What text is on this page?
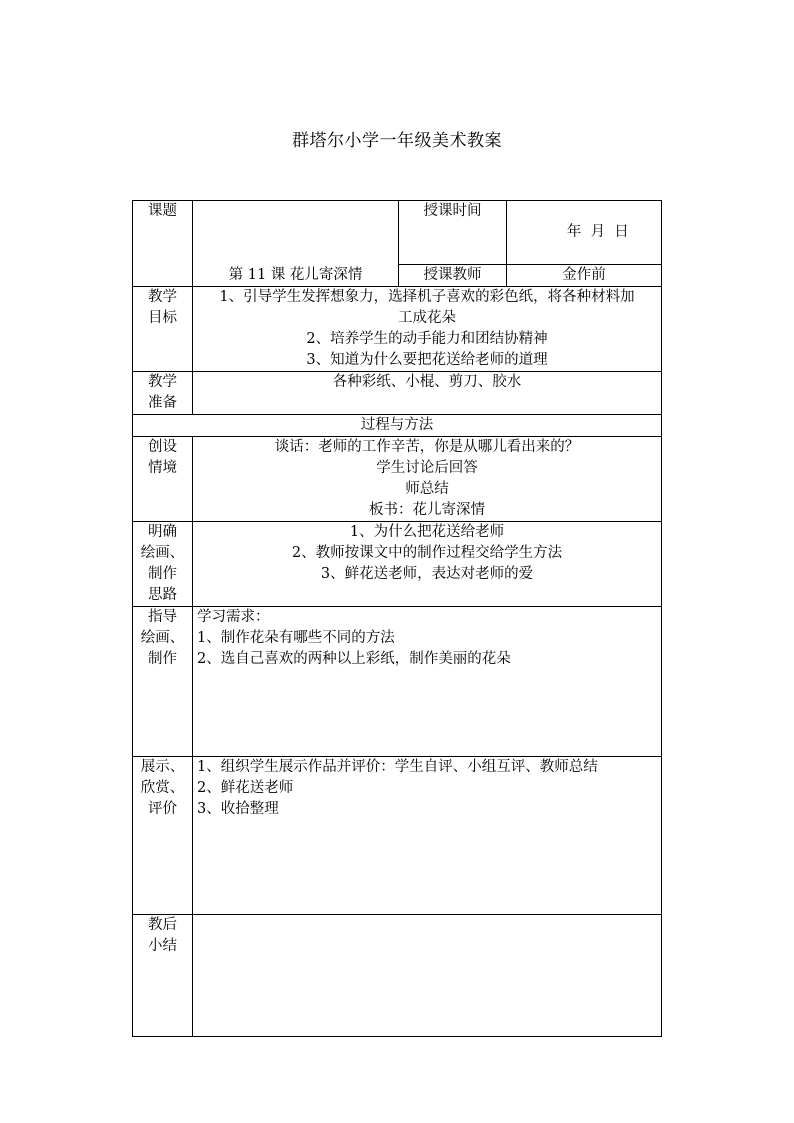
群塔尔小学一年级美术教案
课题	第 11 课 花儿寄深情	授课时间	年  月  日

		授课教师	金作前

教学
目标	1、引导学生发挥想象力，选择机子喜欢的彩色纸，将各种材料加
工成花朵
2、培养学生的动手能力和团结协精神
3、知道为什么要把花送给老师的道理		

教学
准备	各种彩纸、小棍、剪刀、胶水		
过程与方法			

创设
情境	谈话：老师的工作辛苦，你是从哪儿看出来的？
学生讨论后回答
师总结
板书：花儿寄深情		

明确
绘画、
制作
思路	1、为什么把花送给老师
2、教师按课文中的制作过程交给学生方法
3、鲜花送老师，表达对老师的爱		

指导
绘画、
制作	学习需求：
1、制作花朵有哪些不同的方法
2、选自己喜欢的两种以上彩纸，制作美丽的花朵		

展示、
欣赏、
评价	1、组织学生展示作品并评价：学生自评、小组互评、教师总结
2、鲜花送老师
3、收拾整理		

教后
小结			
